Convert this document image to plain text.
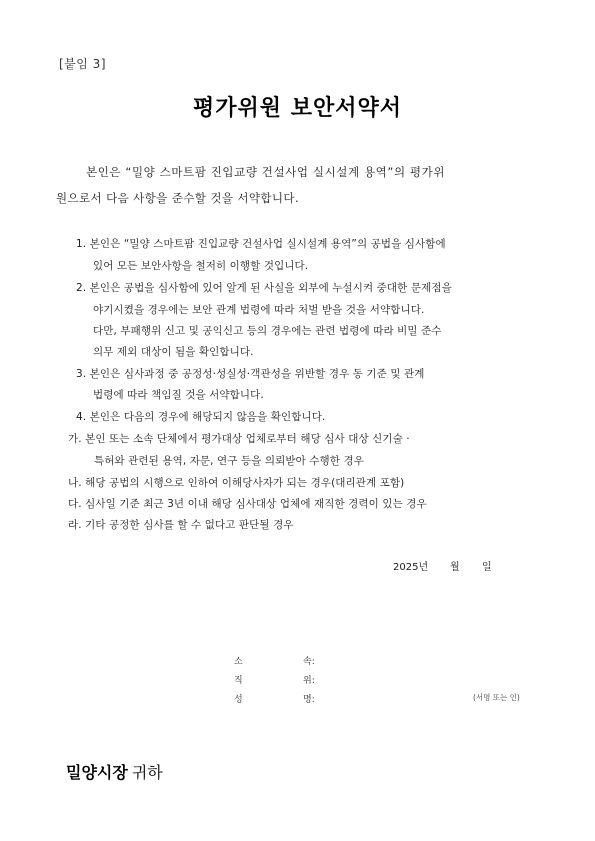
[붙임 3]
평가위원 보안서약서
본인은 “밀양 스마트팜 진입교량 건설사업 실시설계 용역”의 평가위
원으로서 다음 사항을 준수할 것을 서약합니다.
1. 본인은 “밀양 스마트팜 진입교량 건설사업 실시설계 용역”의 공법을 심사함에
있어 모든 보안사항을 철저히 이행할 것입니다.
2. 본인은 공법을 심사함에 있어 알게 된 사실을 외부에 누설시켜 중대한 문제점을
야기시켰을 경우에는 보안 관계 법령에 따라 처벌 받을 것을 서약합니다.
다만, 부패행위 신고 및 공익신고 등의 경우에는 관련 법령에 따라 비밀 준수
의무 제외 대상이 됨을 확인합니다.
3. 본인은 심사과정 중 공정성·성실성·객관성을 위반할 경우 동 기준 및 관계
법령에 따라 책임질 것을 서약합니다.
4. 본인은 다음의 경우에 해당되지 않음을 확인합니다.
가. 본인 또는 소속 단체에서 평가대상 업체로부터 해당 심사 대상 신기술 ·
특허와 관련된 용역, 자문, 연구 등을 의뢰받아 수행한 경우
나. 해당 공법의 시행으로 인하여 이해당사자가 되는 경우(대리관계 포함)
다. 심사일 기준 최근 3년 이내 해당 심사대상 업체에 재직한 경력이 있는 경우
라. 기타 공정한 심사를 할 수 없다고 판단될 경우
2025년 월 일
소	속:
직	위:
성	명:	(서명 또는 인)
밀양시장 귀하
